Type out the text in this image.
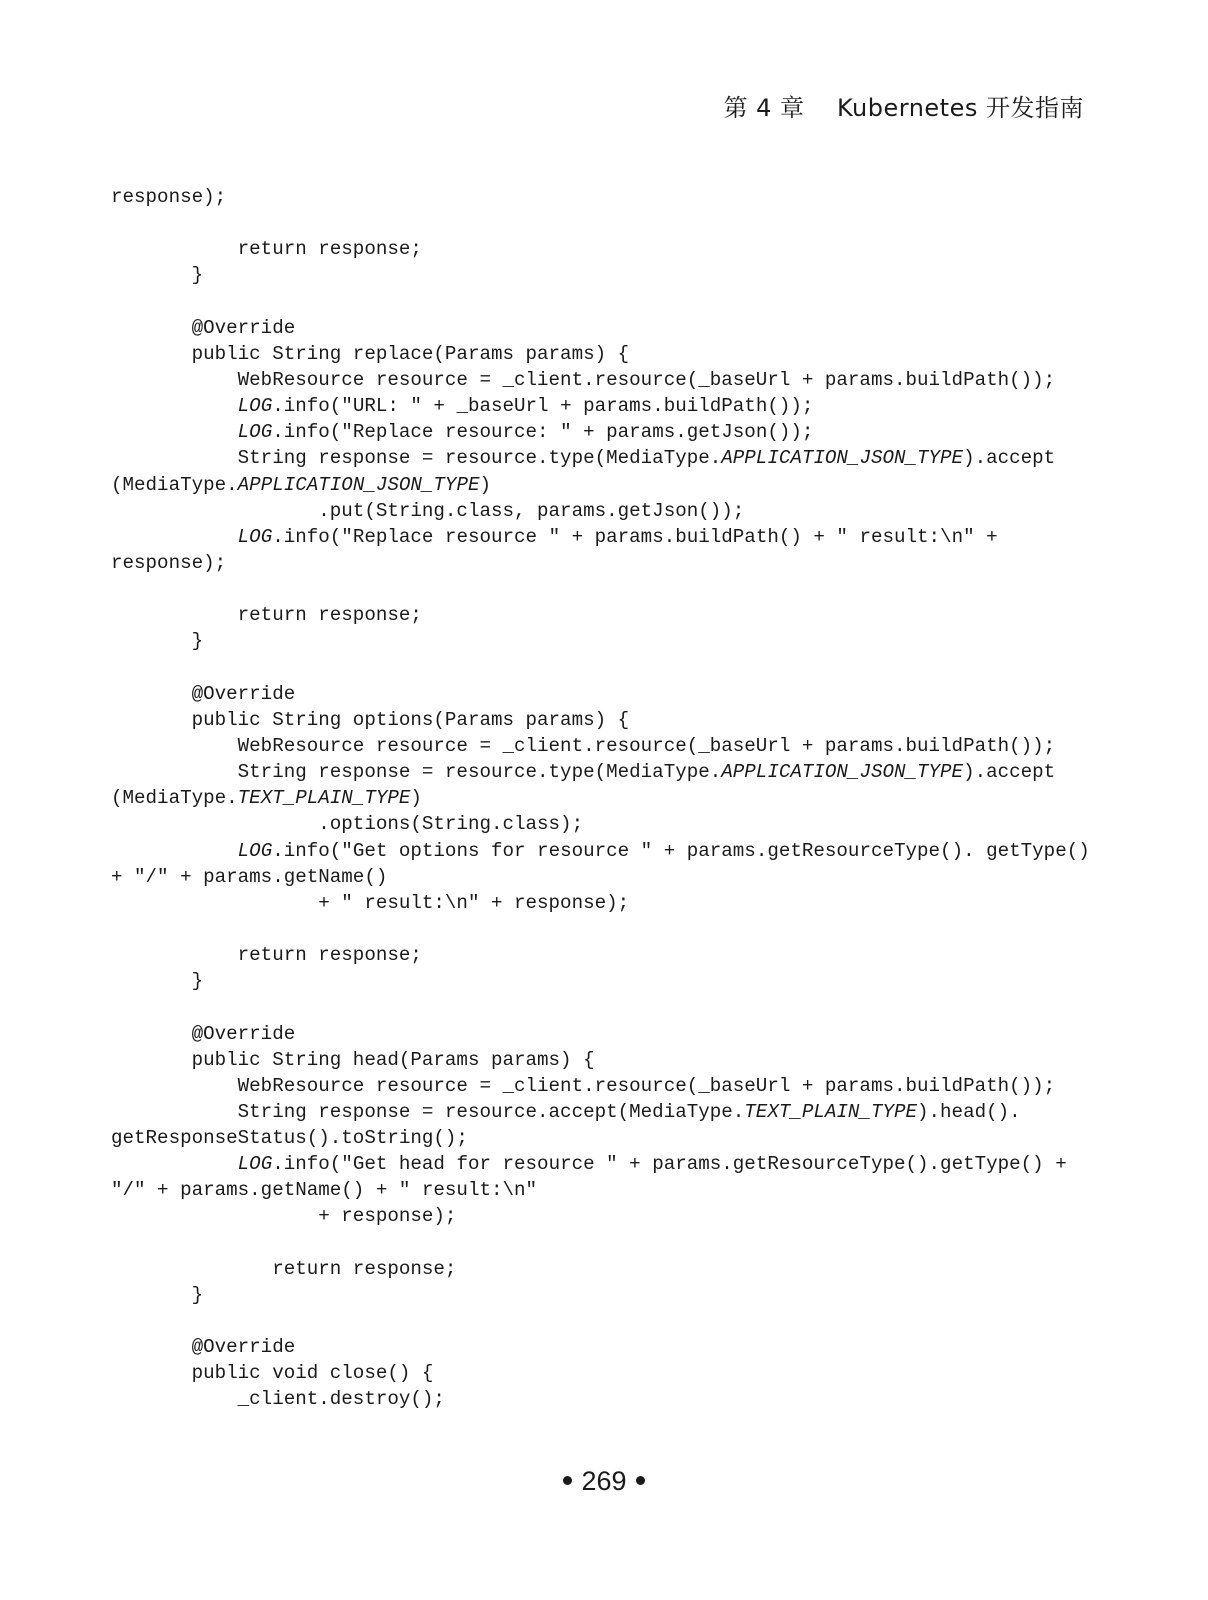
第 4 章    Kubernetes 开发指南
response);
return response;
}
@Override
public String replace(Params params) {
WebResource resource = _client.resource(_baseUrl + params.buildPath());
LOG.info("URL: " + _baseUrl + params.buildPath());
LOG.info("Replace resource: " + params.getJson());
String response = resource.type(MediaType.APPLICATION_JSON_TYPE).accept
(MediaType.APPLICATION_JSON_TYPE)
.put(String.class, params.getJson());
LOG.info("Replace resource " + params.buildPath() + " result:\n" +
response);
return response;
}
@Override
public String options(Params params) {
WebResource resource = _client.resource(_baseUrl + params.buildPath());
String response = resource.type(MediaType.APPLICATION_JSON_TYPE).accept
(MediaType.TEXT_PLAIN_TYPE)
.options(String.class);
LOG.info("Get options for resource " + params.getResourceType(). getType()
+ "/" + params.getName()
+ " result:\n" + response);
return response;
}
@Override
public String head(Params params) {
WebResource resource = _client.resource(_baseUrl + params.buildPath());
String response = resource.accept(MediaType.TEXT_PLAIN_TYPE).head().
getResponseStatus().toString();
LOG.info("Get head for resource " + params.getResourceType().getType() +
"/" + params.getName() + " result:\n"
+ response);
return response;
}
@Override
public void close() {
_client.destroy();
269
